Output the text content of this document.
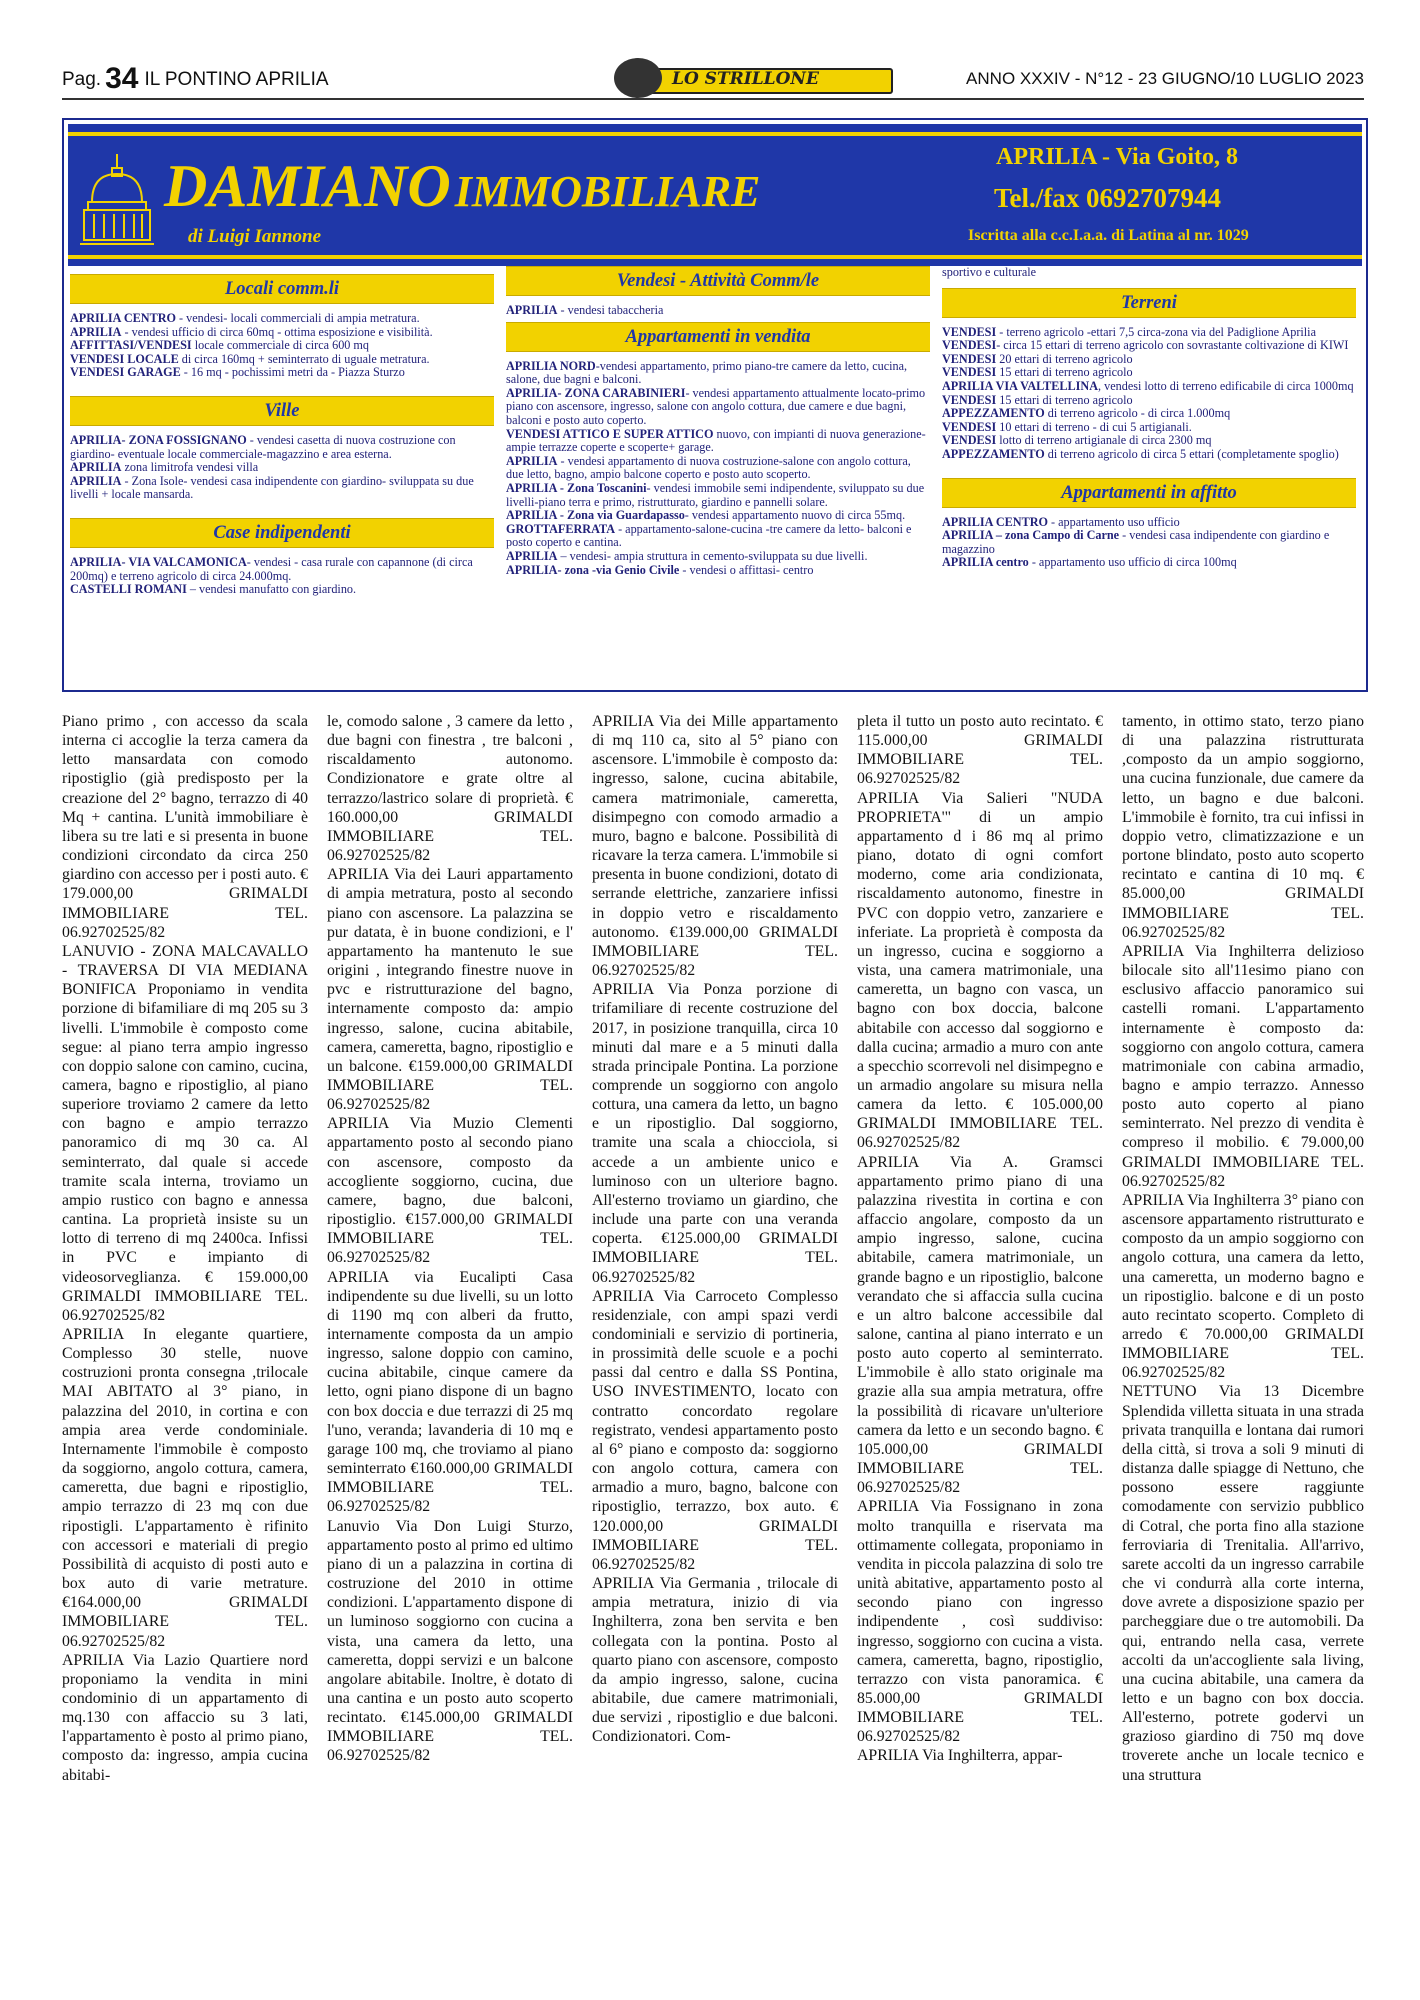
Pag. 34 IL PONTINO APRILIA	LO STRILLONE	ANNO XXXIV - N°12 - 23 GIUGNO/10 LUGLIO 2023
DAMIANO IMMOBILIARE
di Luigi Iannone
APRILIA - Via Goito, 8
Tel./fax 0692707944
Iscritta alla c.c.I.a.a. di Latina al nr. 1029
Locali comm.li

APRILIA CENTRO - vendesi- locali commerciali di ampia metratura.

APRILIA - vendesi ufficio di circa 60mq - ottima esposizione e visibilità.

AFFITTASI/VENDESI locale commerciale di circa 600 mq

VENDESI LOCALE di circa 160mq + seminterrato di uguale metratura.

VENDESI GARAGE - 16 mq - pochissimi metri da - Piazza Sturzo

Ville

APRILIA- ZONA FOSSIGNANO - vendesi casetta di nuova costruzione con giardino- eventuale locale commerciale-magazzino e area esterna.

APRILIA zona limitrofa vendesi villa

APRILIA - Zona Isole- vendesi casa indipendente con giardino- sviluppata su due livelli + locale mansarda.

Case indipendenti

APRILIA- VIA VALCAMONICA- vendesi - casa rurale con capannone (di circa 200mq) e terreno agricolo di circa 24.000mq.

CASTELLI ROMANI – vendesi manufatto con giardino.

Vendesi - Attività Comm/le

APRILIA - vendesi tabaccheria

Appartamenti in vendita

APRILIA NORD-vendesi appartamento, primo piano-tre camere da letto, cucina, salone, due bagni e balconi.

APRILIA- ZONA CARABINIERI- vendesi appartamento attualmente locato-primo piano con ascensore, ingresso, salone con angolo cottura, due camere e due bagni, balconi e posto auto coperto.

VENDESI ATTICO E SUPER ATTICO nuovo, con impianti di nuova generazione- ampie terrazze coperte e scoperte+ garage.

APRILIA - vendesi appartamento di nuova costruzione-salone con angolo cottura, due letto, bagno, ampio balcone coperto e posto auto scoperto.

APRILIA - Zona Toscanini- vendesi immobile semi indipendente, sviluppato su due livelli-piano terra e primo, ristrutturato, giardino e pannelli solare.

APRILIA - Zona via Guardapasso- vendesi appartamento nuovo di circa 55mq.

GROTTAFERRATA - appartamento-salone-cucina -tre camere da letto- balconi e posto coperto e cantina.

APRILIA – vendesi- ampia struttura in cemento-sviluppata su due livelli.

APRILIA- zona -via Genio Civile - vendesi o affittasi- centro

sportivo e culturale

Terreni

VENDESI - terreno agricolo -ettari 7,5 circa-zona via del Padiglione Aprilia

VENDESI- circa 15 ettari di terreno agricolo con sovrastante coltivazione di KIWI

VENDESI 20 ettari di terreno agricolo

VENDESI 15 ettari di terreno agricolo

APRILIA VIA VALTELLINA, vendesi lotto di terreno edificabile di circa 1000mq

VENDESI 15 ettari di terreno agricolo

APPEZZAMENTO di terreno agricolo - di circa 1.000mq

VENDESI 10 ettari di terreno - di cui 5 artigianali.

VENDESI lotto di terreno artigianale di circa 2300 mq

APPEZZAMENTO di terreno agricolo di circa 5 ettari (completamente spoglio)

Appartamenti in affitto

APRILIA CENTRO - appartamento uso ufficio

APRILIA – zona Campo di Carne - vendesi casa indipendente con giardino e magazzino

APRILIA centro - appartamento uso ufficio di circa 100mq

Piano primo , con accesso da scala interna ci accoglie la terza camera da letto mansardata con comodo ripostiglio (già predisposto per la creazione del 2° bagno, terrazzo di 40 Mq + cantina. L'unità immobiliare è libera su tre lati e si presenta in buone condizioni circondato da circa 250 giardino con accesso per i posti auto. € 179.000,00 GRIMALDI IMMOBILIARE TEL. 06.92702525/82

LANUVIO - ZONA MALCAVALLO - TRAVERSA DI VIA MEDIANA BONIFICA Proponiamo in vendita porzione di bifamiliare di mq 205 su 3 livelli. L'immobile è composto come segue: al piano terra ampio ingresso con doppio salone con camino, cucina, camera, bagno e ripostiglio, al piano superiore troviamo 2 camere da letto con bagno e ampio terrazzo panoramico di mq 30 ca. Al seminterrato, dal quale si accede tramite scala interna, troviamo un ampio rustico con bagno e annessa cantina. La proprietà insiste su un lotto di terreno di mq 2400ca. Infissi in PVC e impianto di videosorveglianza. € 159.000,00 GRIMALDI IMMOBILIARE TEL. 06.92702525/82

APRILIA In elegante quartiere, Complesso 30 stelle, nuove costruzioni pronta consegna ,trilocale MAI ABITATO al 3° piano, in palazzina del 2010, in cortina e con ampia area verde condominiale. Internamente l'immobile è composto da soggiorno, angolo cottura, camera, cameretta, due bagni e ripostiglio, ampio terrazzo di 23 mq con due ripostigli. L'appartamento è rifinito con accessori e materiali di pregio Possibilità di acquisto di posti auto e box auto di varie metrature. €164.000,00 GRIMALDI IMMOBILIARE TEL. 06.92702525/82

APRILIA Via Lazio Quartiere nord proponiamo la vendita in mini condominio di un appartamento di mq.130 con affaccio su 3 lati, l'appartamento è posto al primo piano, composto da: ingresso, ampia cucina abitabi-

le, comodo salone , 3 camere da letto , due bagni con finestra , tre balconi , riscaldamento autonomo. Condizionatore e grate oltre al terrazzo/lastrico solare di proprietà. € 160.000,00 GRIMALDI IMMOBILIARE TEL. 06.92702525/82

APRILIA Via dei Lauri appartamento di ampia metratura, posto al secondo piano con ascensore. La palazzina se pur datata, è in buone condizioni, e l' appartamento ha mantenuto le sue origini , integrando finestre nuove in pvc e ristrutturazione del bagno, internamente composto da: ampio ingresso, salone, cucina abitabile, camera, cameretta, bagno, ripostiglio e un balcone. €159.000,00 GRIMALDI IMMOBILIARE TEL. 06.92702525/82

APRILIA Via Muzio Clementi appartamento posto al secondo piano con ascensore, composto da accogliente soggiorno, cucina, due camere, bagno, due balconi, ripostiglio. €157.000,00 GRIMALDI IMMOBILIARE TEL. 06.92702525/82

APRILIA via Eucalipti Casa indipendente su due livelli, su un lotto di 1190 mq con alberi da frutto, internamente composta da un ampio ingresso, salone doppio con camino, cucina abitabile, cinque camere da letto, ogni piano dispone di un bagno con box doccia e due terrazzi di 25 mq l'uno, veranda; lavanderia di 10 mq e garage 100 mq, che troviamo al piano seminterrato €160.000,00 GRIMALDI IMMOBILIARE TEL. 06.92702525/82

Lanuvio Via Don Luigi Sturzo, appartamento posto al primo ed ultimo piano di un a palazzina in cortina di costruzione del 2010 in ottime condizioni. L'appartamento dispone di un luminoso soggiorno con cucina a vista, una camera da letto, una cameretta, doppi servizi e un balcone angolare abitabile. Inoltre, è dotato di una cantina e un posto auto scoperto recintato. €145.000,00 GRIMALDI IMMOBILIARE TEL. 06.92702525/82

APRILIA Via dei Mille appartamento di mq 110 ca, sito al 5° piano con ascensore. L'immobile è composto da: ingresso, salone, cucina abitabile, camera matrimoniale, cameretta, disimpegno con comodo armadio a muro, bagno e balcone. Possibilità di ricavare la terza camera. L'immobile si presenta in buone condizioni, dotato di serrande elettriche, zanzariere infissi in doppio vetro e riscaldamento autonomo. €139.000,00 GRIMALDI IMMOBILIARE TEL. 06.92702525/82

APRILIA Via Ponza porzione di trifamiliare di recente costruzione del 2017, in posizione tranquilla, circa 10 minuti dal mare e a 5 minuti dalla strada principale Pontina. La porzione comprende un soggiorno con angolo cottura, una camera da letto, un bagno e un ripostiglio. Dal soggiorno, tramite una scala a chiocciola, si accede a un ambiente unico e luminoso con un ulteriore bagno. All'esterno troviamo un giardino, che include una parte con una veranda coperta. €125.000,00 GRIMALDI IMMOBILIARE TEL. 06.92702525/82

APRILIA Via Carroceto Complesso residenziale, con ampi spazi verdi condominiali e servizio di portineria, in prossimità delle scuole e a pochi passi dal centro e dalla SS Pontina, USO INVESTIMENTO, locato con contratto concordato regolare registrato, vendesi appartamento posto al 6° piano e composto da: soggiorno con angolo cottura, camera con armadio a muro, bagno, balcone con ripostiglio, terrazzo, box auto. € 120.000,00 GRIMALDI IMMOBILIARE TEL. 06.92702525/82

APRILIA Via Germania , trilocale di ampia metratura, inizio di via Inghilterra, zona ben servita e ben collegata con la pontina. Posto al quarto piano con ascensore, composto da ampio ingresso, salone, cucina abitabile, due camere matrimoniali, due servizi , ripostiglio e due balconi. Condizionatori. Com-

pleta il tutto un posto auto recintato. € 115.000,00 GRIMALDI IMMOBILIARE TEL. 06.92702525/82

APRILIA Via Salieri "NUDA PROPRIETA'" di un ampio appartamento d i 86 mq al primo piano, dotato di ogni comfort moderno, come aria condizionata, riscaldamento autonomo, finestre in PVC con doppio vetro, zanzariere e inferiate. La proprietà è composta da un ingresso, cucina e soggiorno a vista, una camera matrimoniale, una cameretta, un bagno con vasca, un bagno con box doccia, balcone abitabile con accesso dal soggiorno e dalla cucina; armadio a muro con ante a specchio scorrevoli nel disimpegno e un armadio angolare su misura nella camera da letto. € 105.000,00 GRIMALDI IMMOBILIARE TEL. 06.92702525/82

APRILIA Via A. Gramsci appartamento primo piano di una palazzina rivestita in cortina e con affaccio angolare, composto da un ampio ingresso, salone, cucina abitabile, camera matrimoniale, un grande bagno e un ripostiglio, balcone verandato che si affaccia sulla cucina e un altro balcone accessibile dal salone, cantina al piano interrato e un posto auto coperto al seminterrato. L'immobile è allo stato originale ma grazie alla sua ampia metratura, offre la possibilità di ricavare un'ulteriore camera da letto e un secondo bagno. € 105.000,00 GRIMALDI IMMOBILIARE TEL. 06.92702525/82

APRILIA Via Fossignano in zona molto tranquilla e riservata ma ottimamente collegata, proponiamo in vendita in piccola palazzina di solo tre unità abitative, appartamento posto al secondo piano con ingresso indipendente , così suddiviso: ingresso, soggiorno con cucina a vista. camera, cameretta, bagno, ripostiglio, terrazzo con vista panoramica. € 85.000,00 GRIMALDI IMMOBILIARE TEL. 06.92702525/82

APRILIA Via Inghilterra, appar-

tamento, in ottimo stato, terzo piano di una palazzina ristrutturata ,composto da un ampio soggiorno, una cucina funzionale, due camere da letto, un bagno e due balconi. L'immobile è fornito, tra cui infissi in doppio vetro, climatizzazione e un portone blindato, posto auto scoperto recintato e cantina di 10 mq. € 85.000,00 GRIMALDI IMMOBILIARE TEL. 06.92702525/82

APRILIA Via Inghilterra delizioso bilocale sito all'11esimo piano con esclusivo affaccio panoramico sui castelli romani. L'appartamento internamente è composto da: soggiorno con angolo cottura, camera matrimoniale con cabina armadio, bagno e ampio terrazzo. Annesso posto auto coperto al piano seminterrato. Nel prezzo di vendita è compreso il mobilio. € 79.000,00 GRIMALDI IMMOBILIARE TEL. 06.92702525/82

APRILIA Via Inghilterra 3° piano con ascensore appartamento ristrutturato e composto da un ampio soggiorno con angolo cottura, una camera da letto, una cameretta, un moderno bagno e un ripostiglio. balcone e di un posto auto recintato scoperto. Completo di arredo € 70.000,00 GRIMALDI IMMOBILIARE TEL. 06.92702525/82

NETTUNO Via 13 Dicembre Splendida villetta situata in una strada privata tranquilla e lontana dai rumori della città, si trova a soli 9 minuti di distanza dalle spiagge di Nettuno, che possono essere raggiunte comodamente con servizio pubblico di Cotral, che porta fino alla stazione ferroviaria di Trenitalia. All'arrivo, sarete accolti da un ingresso carrabile che vi condurrà alla corte interna, dove avrete a disposizione spazio per parcheggiare due o tre automobili. Da qui, entrando nella casa, verrete accolti da un'accogliente sala living, una cucina abitabile, una camera da letto e un bagno con box doccia. All'esterno, potrete godervi un grazioso giardino di 750 mq dove troverete anche un locale tecnico e una struttura
